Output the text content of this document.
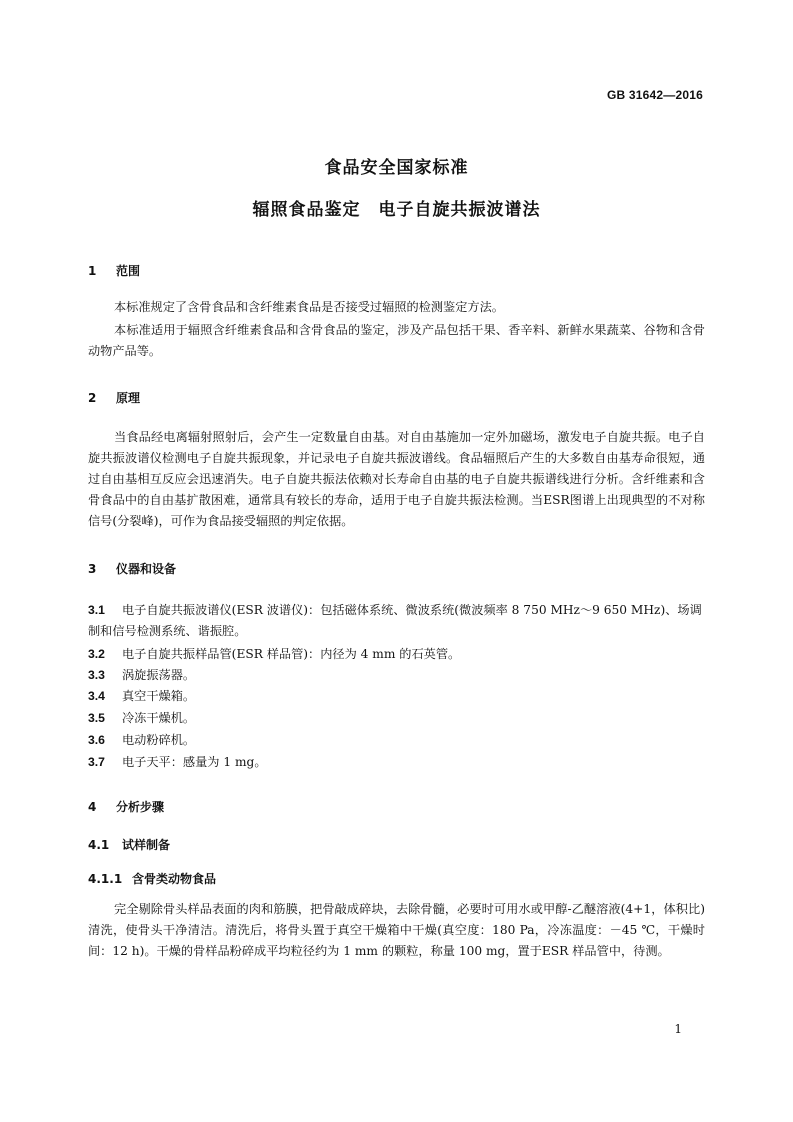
GB 31642—2016
食品安全国家标准
辐照食品鉴定　电子自旋共振波谱法
1 范围
本标准规定了含骨食品和含纤维素食品是否接受过辐照的检测鉴定方法。
本标准适用于辐照含纤维素食品和含骨食品的鉴定，涉及产品包括干果、香辛料、新鲜水果蔬菜、谷物和含骨动物产品等。
2 原理
当食品经电离辐射照射后，会产生一定数量自由基。对自由基施加一定外加磁场，激发电子自旋共振。电子自旋共振波谱仪检测电子自旋共振现象，并记录电子自旋共振波谱线。食品辐照后产生的大多数自由基寿命很短，通过自由基相互反应会迅速消失。电子自旋共振法依赖对长寿命自由基的电子自旋共振谱线进行分析。含纤维素和含骨食品中的自由基扩散困难，通常具有较长的寿命，适用于电子自旋共振法检测。当ESR图谱上出现典型的不对称信号(分裂峰)，可作为食品接受辐照的判定依据。
3 仪器和设备
3.1 电子自旋共振波谱仪(ESR 波谱仪)：包括磁体系统、微波系统(微波频率 8 750 MHz～9 650 MHz)、场调制和信号检测系统、谐振腔。
3.2 电子自旋共振样品管(ESR 样品管)：内径为 4 mm 的石英管。
3.3 涡旋振荡器。
3.4 真空干燥箱。
3.5 冷冻干燥机。
3.6 电动粉碎机。
3.7 电子天平：感量为 1 mg。
4 分析步骤
4.1 试样制备
4.1.1 含骨类动物食品
完全剔除骨头样品表面的肉和筋膜，把骨敲成碎块，去除骨髓，必要时可用水或甲醇-乙醚溶液(4+1，体积比)清洗，使骨头干净清洁。清洗后，将骨头置于真空干燥箱中干燥(真空度：180 Pa，冷冻温度：－45 ℃，干燥时间：12 h)。干燥的骨样品粉碎成平均粒径约为 1 mm 的颗粒，称量 100 mg，置于ESR 样品管中，待测。
1
